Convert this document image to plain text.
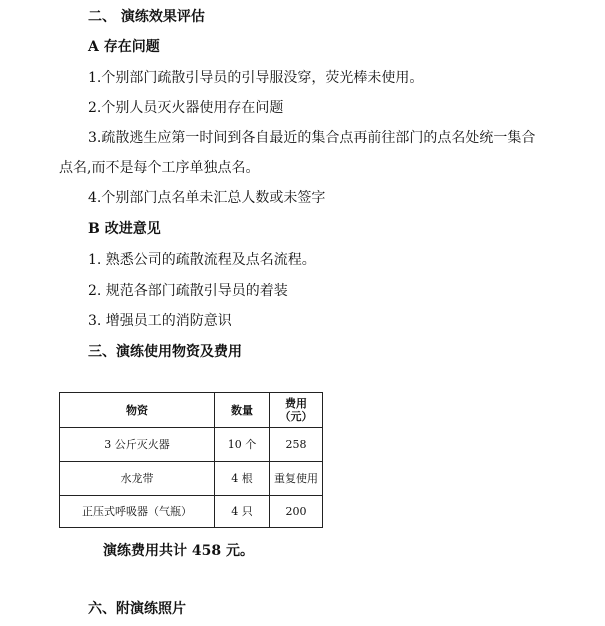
二、 演练效果评估
A 存在问题
1.个别部门疏散引导员的引导服没穿，荧光棒未使用。
2.个别人员灭火器使用存在问题
3.疏散逃生应第一时间到各自最近的集合点再前往部门的点名处统一集合
点名,而不是每个工序单独点名。
4.个别部门点名单未汇总人数或未签字
B 改进意见
1. 熟悉公司的疏散流程及点名流程。
2. 规范各部门疏散引导员的着装
3. 增强员工的消防意识
三、演练使用物资及费用
物资	数量	费用（元）
3 公斤灭火器	10 个	258
水龙带	4 根	重复使用
正压式呼吸器（气瓶）	4 只	200
演练费用共计 458 元。
六、附演练照片
